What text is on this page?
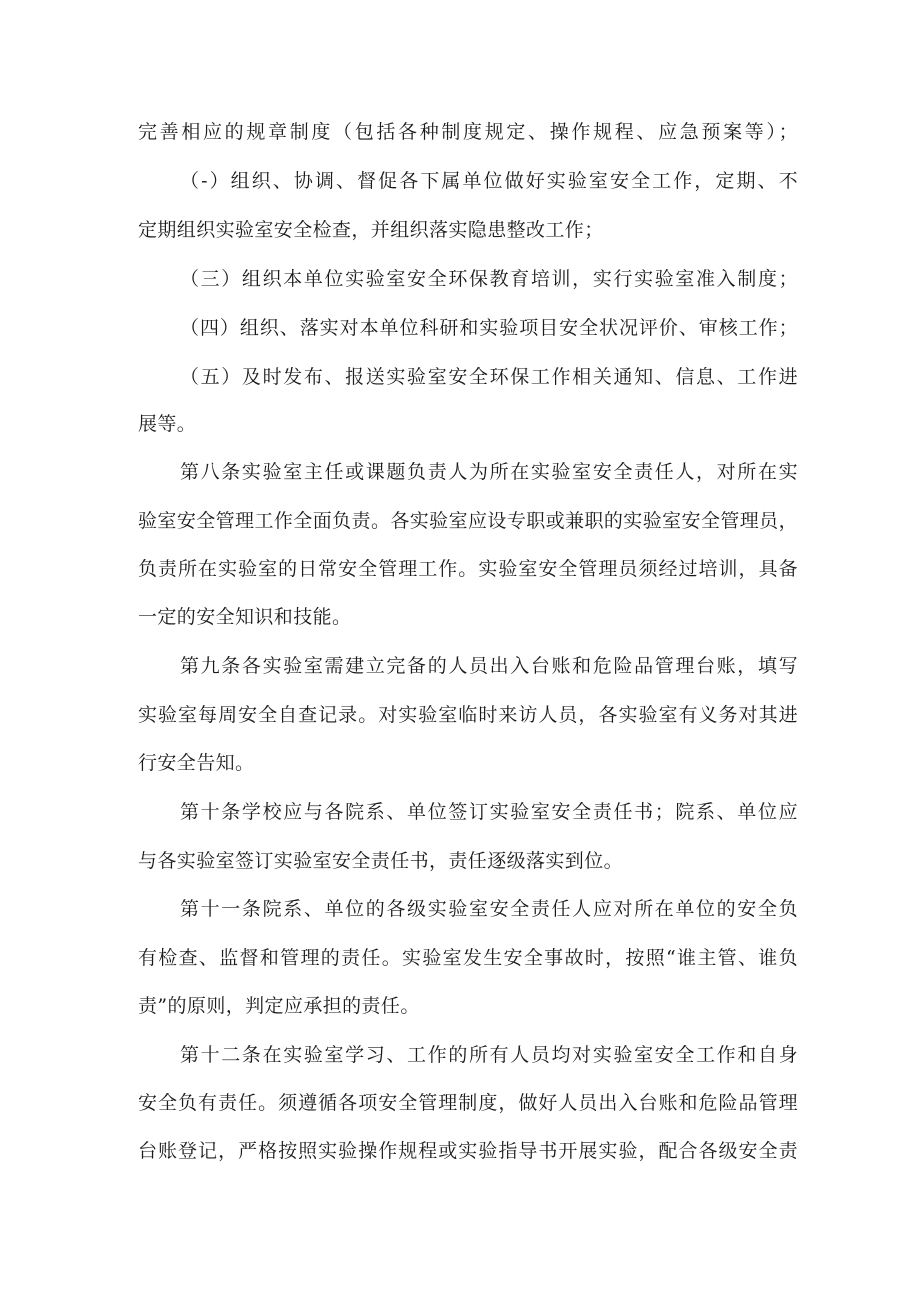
完善相应的规章制度（包括各种制度规定、操作规程、应急预案等）；
（-）组织、协调、督促各下属单位做好实验室安全工作，定期、不
定期组织实验室安全检查，并组织落实隐患整改工作；
（三）组织本单位实验室安全环保教育培训，实行实验室准入制度；
（四）组织、落实对本单位科研和实验项目安全状况评价、审核工作；
（五）及时发布、报送实验室安全环保工作相关通知、信息、工作进
展等。
第八条实验室主任或课题负责人为所在实验室安全责任人，对所在实
验室安全管理工作全面负责。各实验室应设专职或兼职的实验室安全管理员，
负责所在实验室的日常安全管理工作。实验室安全管理员须经过培训，具备
一定的安全知识和技能。
第九条各实验室需建立完备的人员出入台账和危险品管理台账，填写
实验室每周安全自查记录。对实验室临时来访人员，各实验室有义务对其进
行安全告知。
第十条学校应与各院系、单位签订实验室安全责任书；院系、单位应
与各实验室签订实验室安全责任书，责任逐级落实到位。
第十一条院系、单位的各级实验室安全责任人应对所在单位的安全负
有检查、监督和管理的责任。实验室发生安全事故时，按照“谁主管、谁负
责”的原则，判定应承担的责任。
第十二条在实验室学习、工作的所有人员均对实验室安全工作和自身
安全负有责任。须遵循各项安全管理制度，做好人员出入台账和危险品管理
台账登记，严格按照实验操作规程或实验指导书开展实验，配合各级安全责
